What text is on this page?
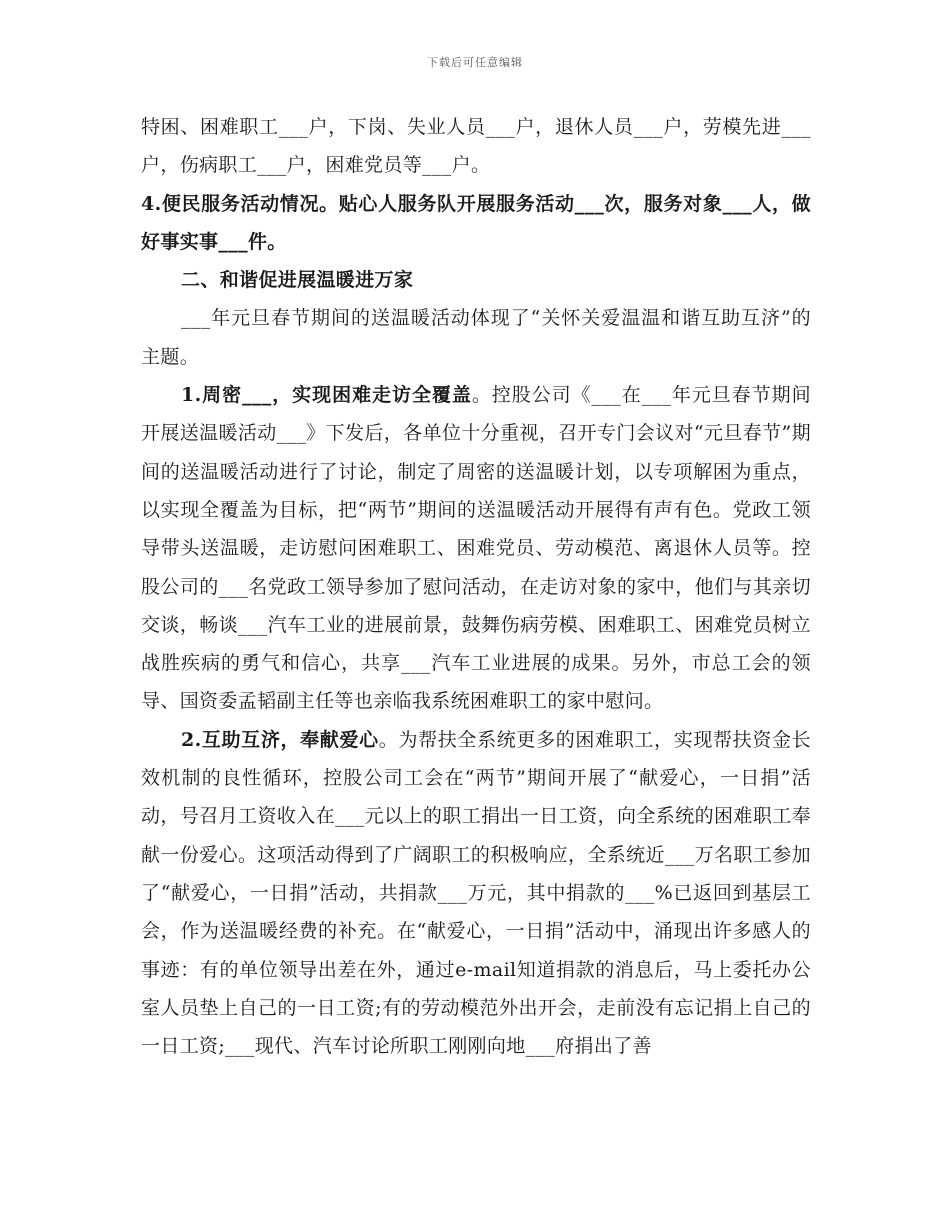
下载后可任意编辑

特困、困难职工___户，下岗、失业人员___户，退休人员___户，劳模先进___户，伤病职工___户，困难党员等___户。

4.便民服务活动情况。贴心人服务队开展服务活动___次，服务对象___人，做好事实事___件。

二、和谐促进展温暖进万家

___年元旦春节期间的送温暖活动体现了“关怀关爱温温和谐互助互济”的主题。

1.周密___，实现困难走访全覆盖。控股公司《___在___年元旦春节期间开展送温暖活动___》下发后，各单位十分重视，召开专门会议对“元旦春节”期间的送温暖活动进行了讨论，制定了周密的送温暖计划，以专项解困为重点，以实现全覆盖为目标，把“两节”期间的送温暖活动开展得有声有色。党政工领导带头送温暖，走访慰问困难职工、困难党员、劳动模范、离退休人员等。控股公司的___名党政工领导参加了慰问活动，在走访对象的家中，他们与其亲切交谈，畅谈___汽车工业的进展前景，鼓舞伤病劳模、困难职工、困难党员树立战胜疾病的勇气和信心，共享___汽车工业进展的成果。另外，市总工会的领导、国资委孟韬副主任等也亲临我系统困难职工的家中慰问。

2.互助互济，奉献爱心。为帮扶全系统更多的困难职工，实现帮扶资金长效机制的良性循环，控股公司工会在“两节”期间开展了“献爱心，一日捐”活动，号召月工资收入在___元以上的职工捐出一日工资，向全系统的困难职工奉献一份爱心。这项活动得到了广阔职工的积极响应，全系统近___万名职工参加了“献爱心，一日捐”活动，共捐款___万元，其中捐款的___%已返回到基层工会，作为送温暖经费的补充。在“献爱心，一日捐”活动中，涌现出许多感人的事迹：有的单位领导出差在外，通过e-mail知道捐款的消息后，马上委托办公室人员垫上自己的一日工资;有的劳动模范外出开会，走前没有忘记捐上自己的一日工资;___现代、汽车讨论所职工刚刚向地___府捐出了善
